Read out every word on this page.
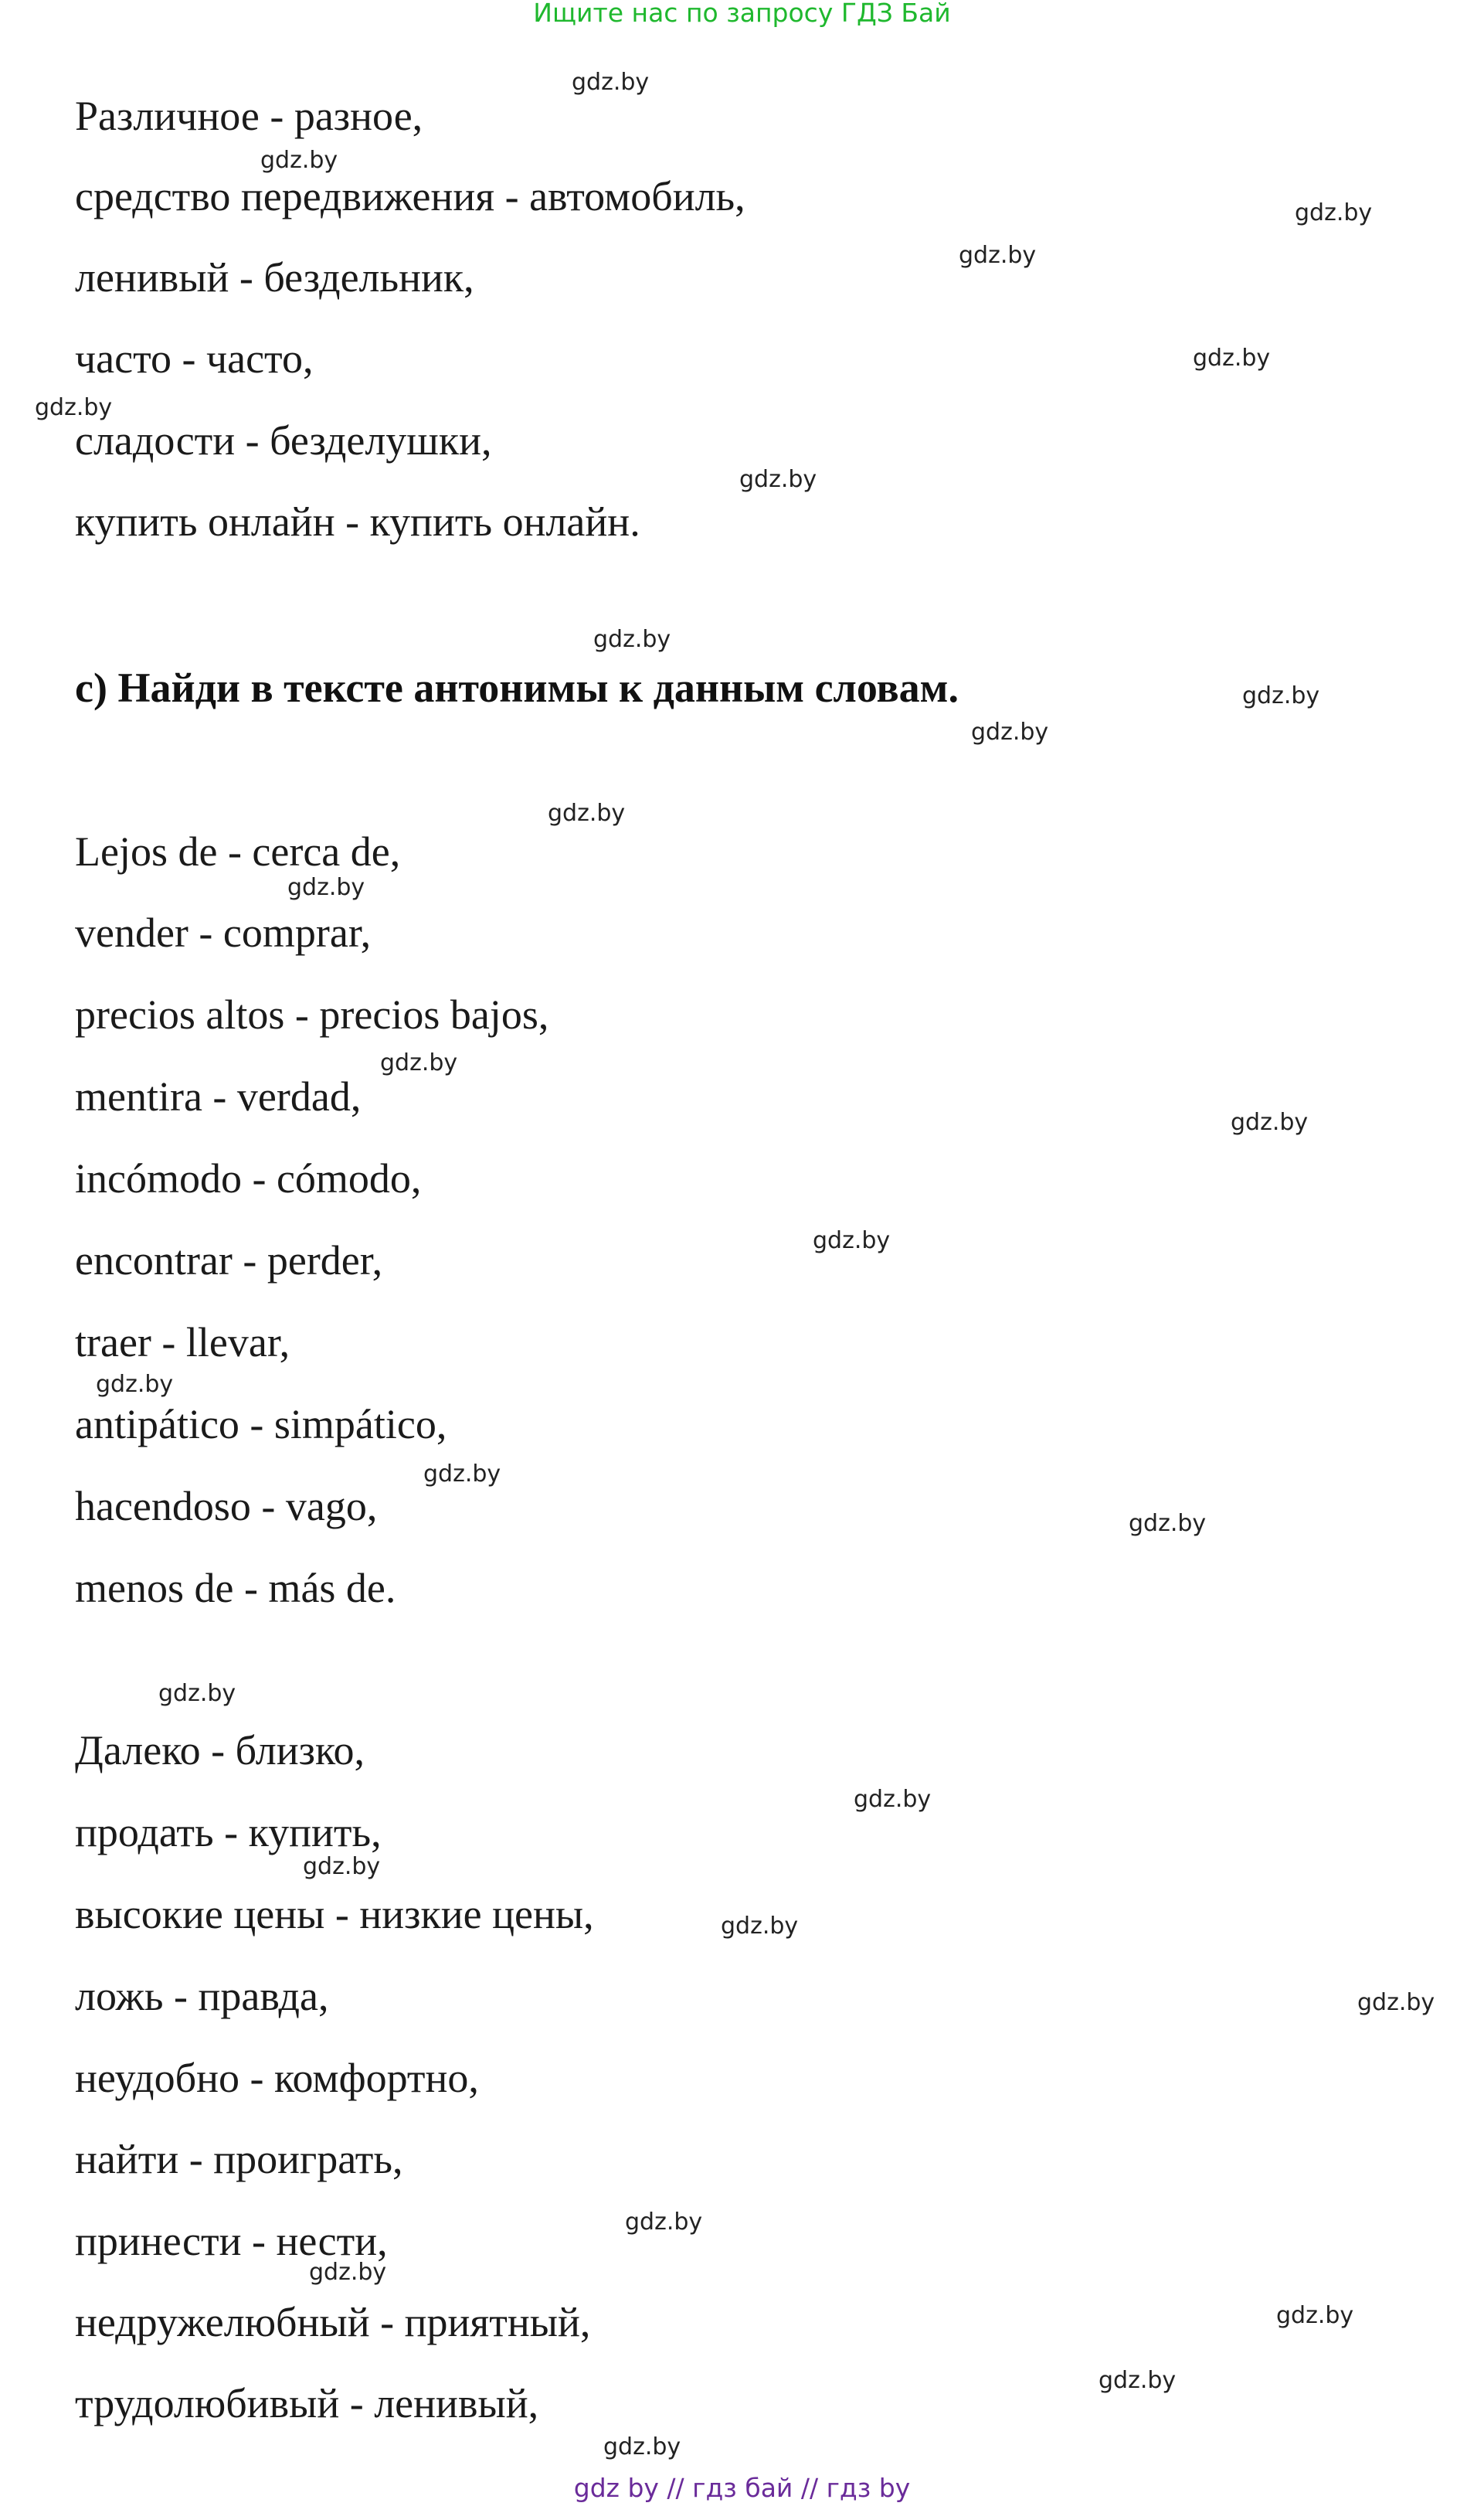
Ищите нас по запросу ГДЗ Бай
Различное - разное,
средство передвижения - автомобиль,
ленивый - бездельник,
часто - часто,
сладости - безделушки,
купить онлайн - купить онлайн.
c) Найди в тексте антонимы к данным словам.
Lejos de - cerca de,
vender - comprar,
precios altos - precios bajos,
mentira - verdad,
incómodo - cómodo,
encontrar - perder,
traer - llevar,
antipático - simpático,
hacendoso - vago,
menos de - más de.
Далеко - близко,
продать - купить,
высокие цены - низкие цены,
ложь - правда,
неудобно - комфортно,
найти - проиграть,
принести - нести,
недружелюбный - приятный,
трудолюбивый - ленивый,
gdz.by
gdz.by
gdz.by
gdz.by
gdz.by
gdz.by
gdz.by
gdz.by
gdz.by
gdz.by
gdz.by
gdz.by
gdz.by
gdz.by
gdz.by
gdz.by
gdz.by
gdz.by
gdz.by
gdz.by
gdz.by
gdz.by
gdz.by
gdz.by
gdz.by
gdz.by
gdz.by
gdz.by
gdz by // гдз бай // гдз by
